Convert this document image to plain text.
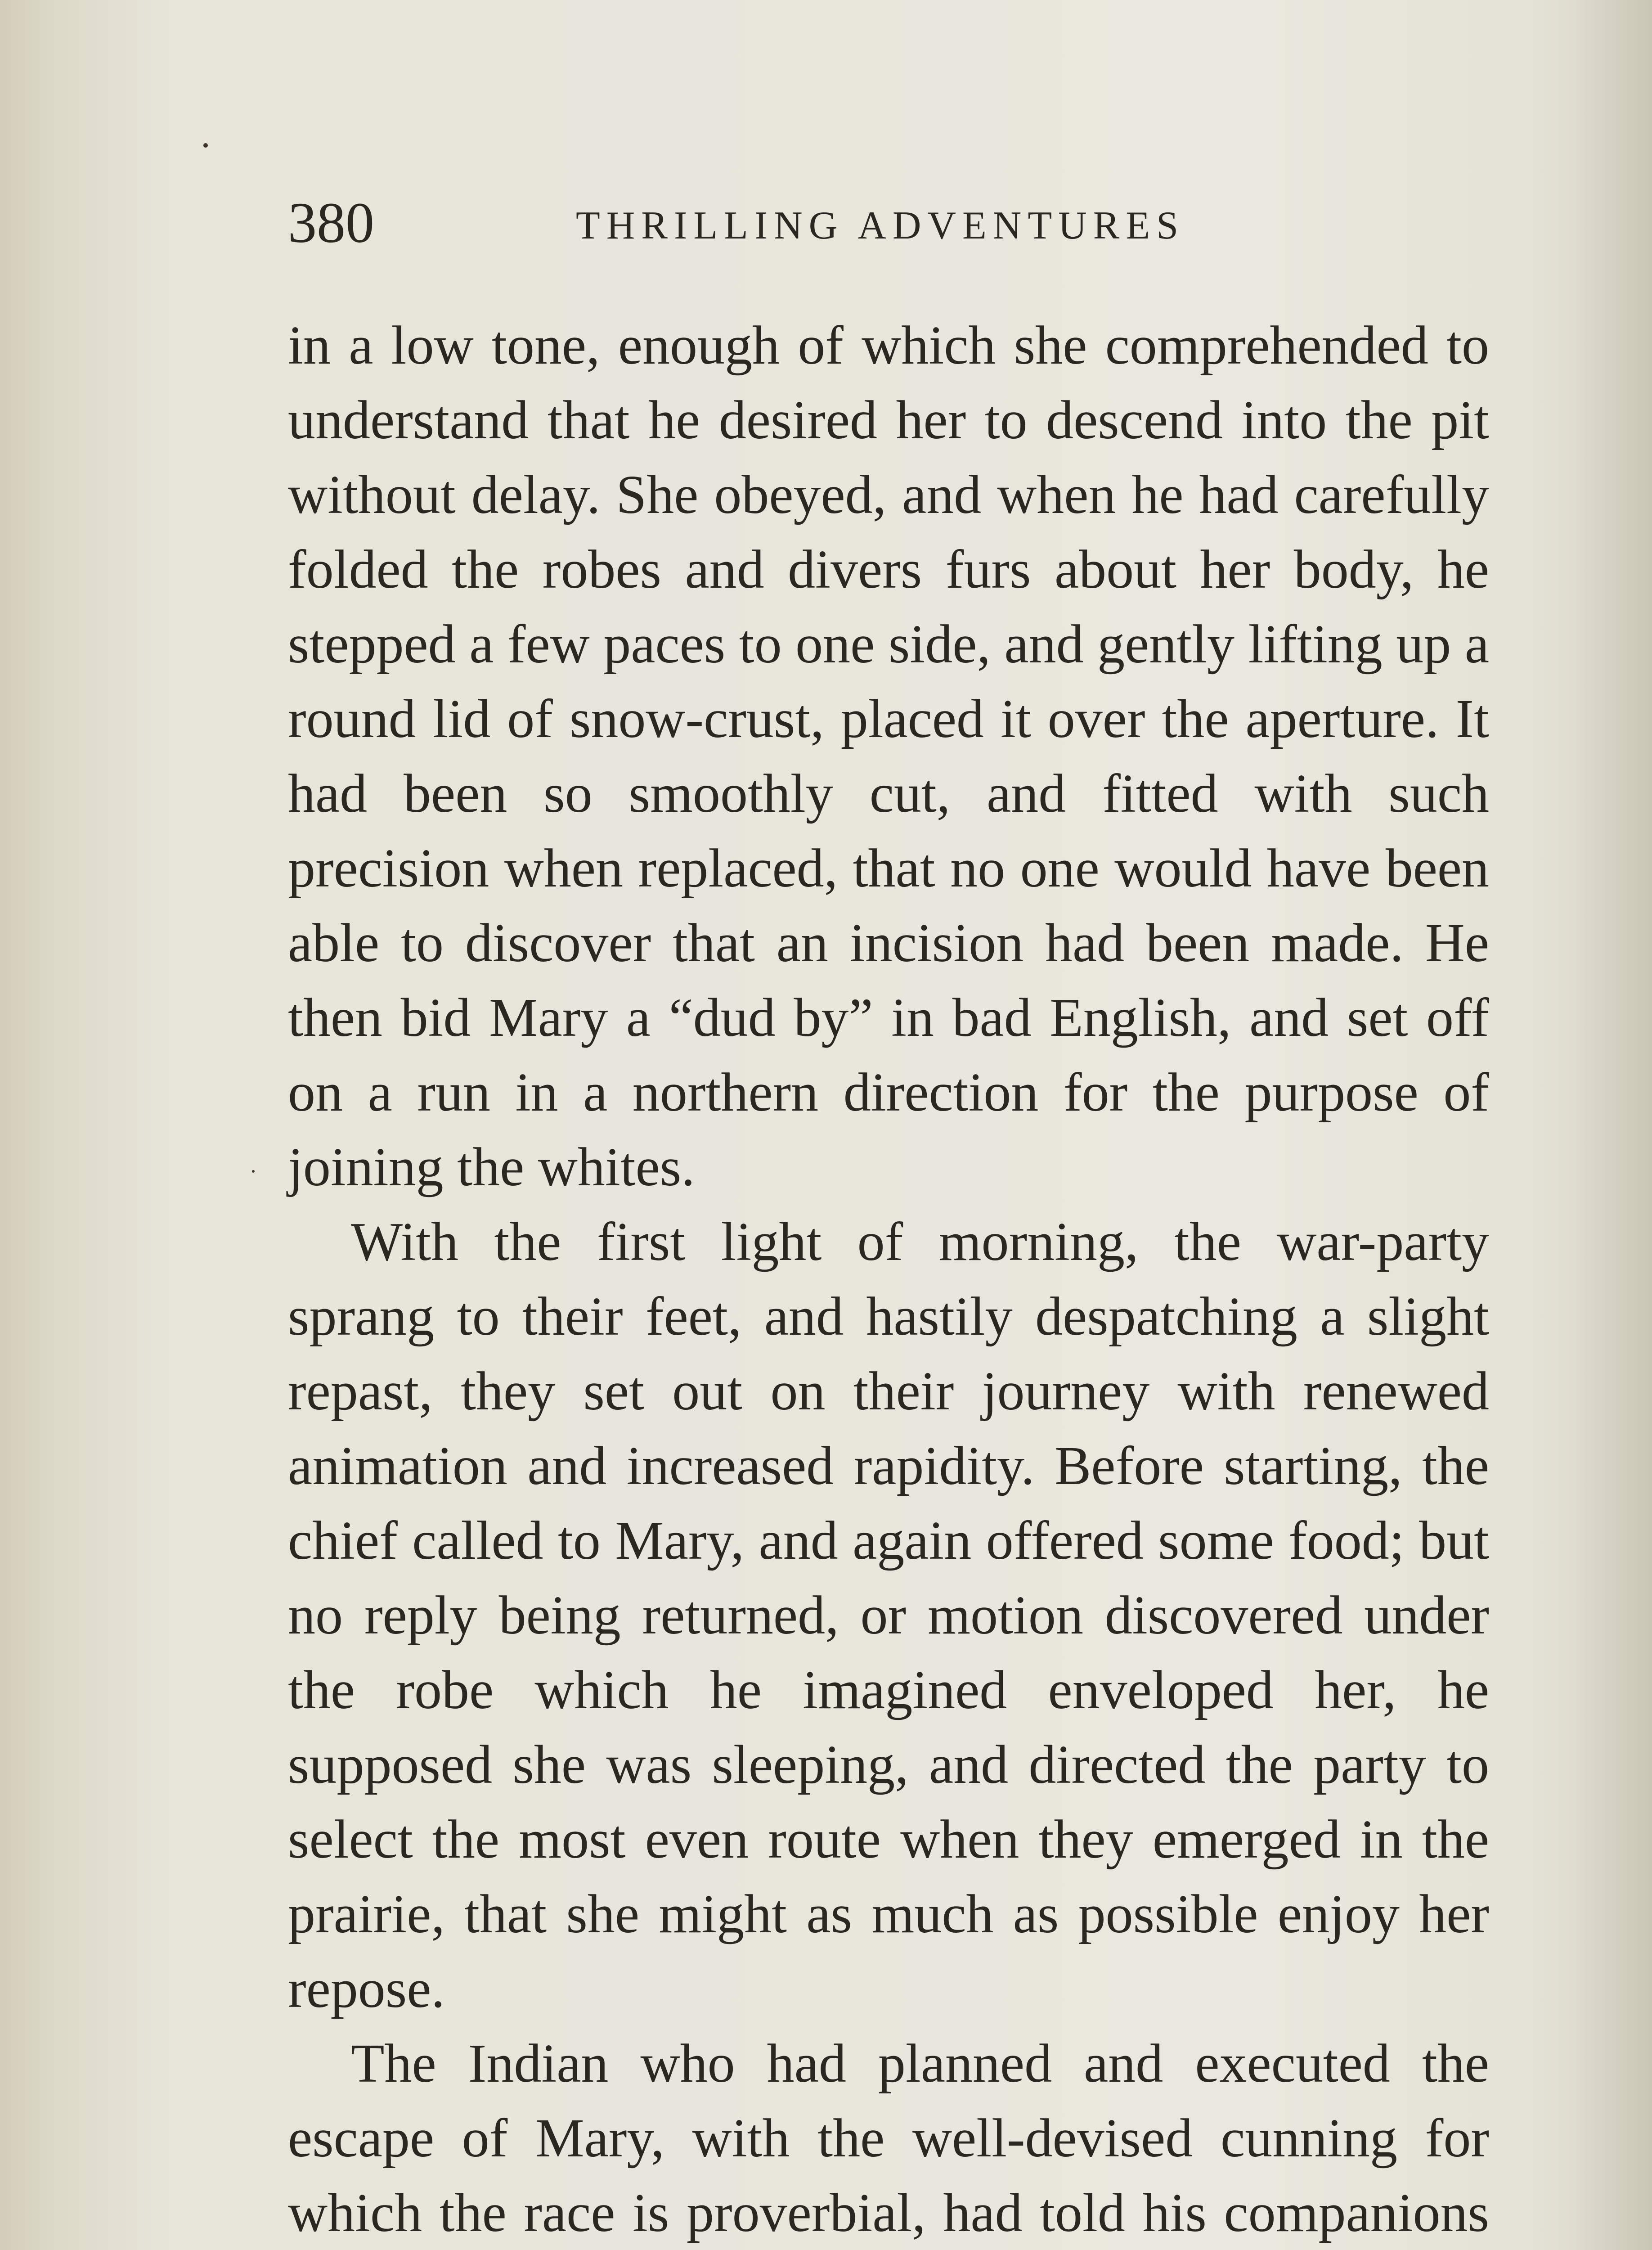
380	THRILLING ADVENTURES

in a low tone, enough of which she comprehended to understand that he desired her to descend into the pit without delay. She obeyed, and when he had carefully folded the robes and divers furs about her body, he stepped a few paces to one side, and gently lifting up a round lid of snow-crust, placed it over the aperture. It had been so smoothly cut, and fitted with such precision when replaced, that no one would have been able to discover that an incision had been made. He then bid Mary a “dud by” in bad English, and set off on a run in a northern direction for the purpose of joining the whites.

With the first light of morning, the war-party sprang to their feet, and hastily despatching a slight repast, they set out on their journey with renewed animation and increased rapidity. Before starting, the chief called to Mary, and again offered some food; but no reply being returned, or motion discovered under the robe which he imagined enveloped her, he supposed she was sleeping, and directed the party to select the most even route when they emerged in the prairie, that she might as much as possible enjoy her repose.

The Indian who had planned and executed the escape of Mary, with the well-devised cunning for which the race is proverbial, had told his companions
